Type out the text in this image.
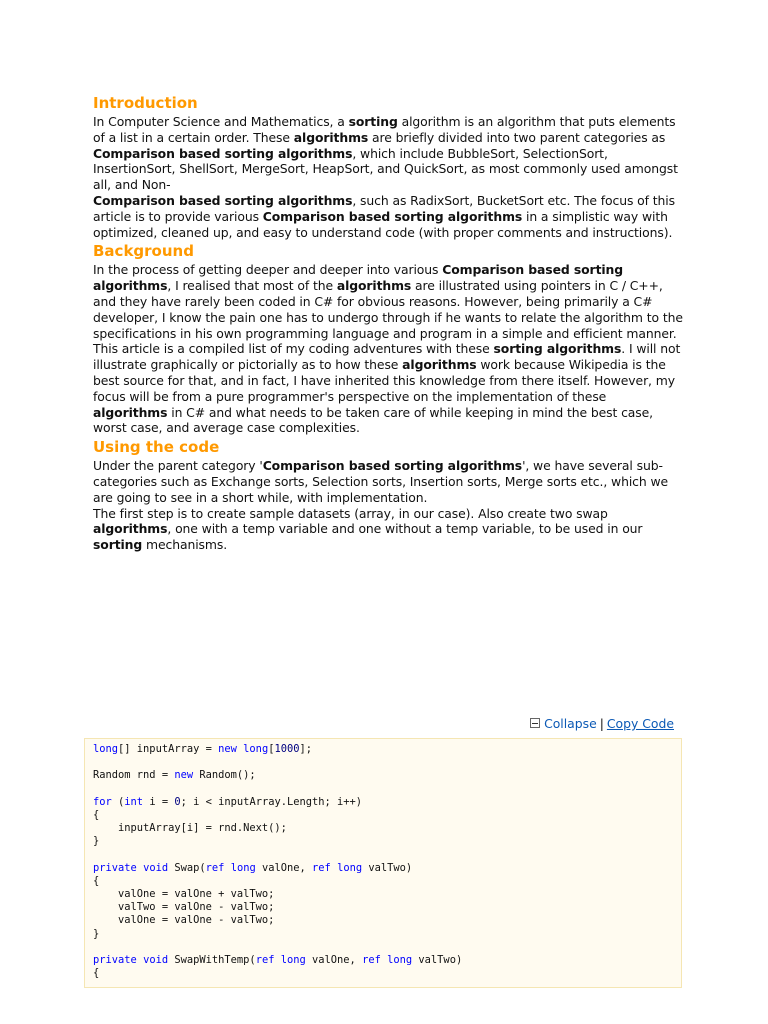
Introduction

In Computer Science and Mathematics, a sorting algorithm is an algorithm that puts elements of a list in a certain order. These algorithms are briefly divided into two parent categories as Comparison based sorting algorithms, which include BubbleSort, SelectionSort, InsertionSort, ShellSort, MergeSort, HeapSort, and QuickSort, as most commonly used amongst all, and Non-
Comparison based sorting algorithms, such as RadixSort, BucketSort etc. The focus of this article is to provide various Comparison based sorting algorithms in a simplistic way with optimized, cleaned up, and easy to understand code (with proper comments and instructions).

Background

In the process of getting deeper and deeper into various Comparison based sorting algorithms, I realised that most of the algorithms are illustrated using pointers in C / C++, and they have rarely been coded in C# for obvious reasons. However, being primarily a C# developer, I know the pain one has to undergo through if he wants to relate the algorithm to the specifications in his own programming language and program in a simple and efficient manner.

This article is a compiled list of my coding adventures with these sorting algorithms. I will not illustrate graphically or pictorially as to how these algorithms work because Wikipedia is the best source for that, and in fact, I have inherited this knowledge from there itself. However, my focus will be from a pure programmer's perspective on the implementation of these algorithms in C# and what needs to be taken care of while keeping in mind the best case, worst case, and average case complexities.

Using the code

Under the parent category 'Comparison based sorting algorithms', we have several sub-categories such as Exchange sorts, Selection sorts, Insertion sorts, Merge sorts etc., which we are going to see in a short while, with implementation.

The first step is to create sample datasets (array, in our case). Also create two swap algorithms, one with a temp variable and one without a temp variable, to be used in our sorting mechanisms.

Collapse | Copy Code
long[] inputArray = new long[1000];
Random rnd = new Random();
for (int i = 0; i < inputArray.Length; i++)
{
inputArray[i] = rnd.Next();
}
private void Swap(ref long valOne, ref long valTwo)
{
valOne = valOne + valTwo;
valTwo = valOne - valTwo;
valOne = valOne - valTwo;
}
private void SwapWithTemp(ref long valOne, ref long valTwo)
{
